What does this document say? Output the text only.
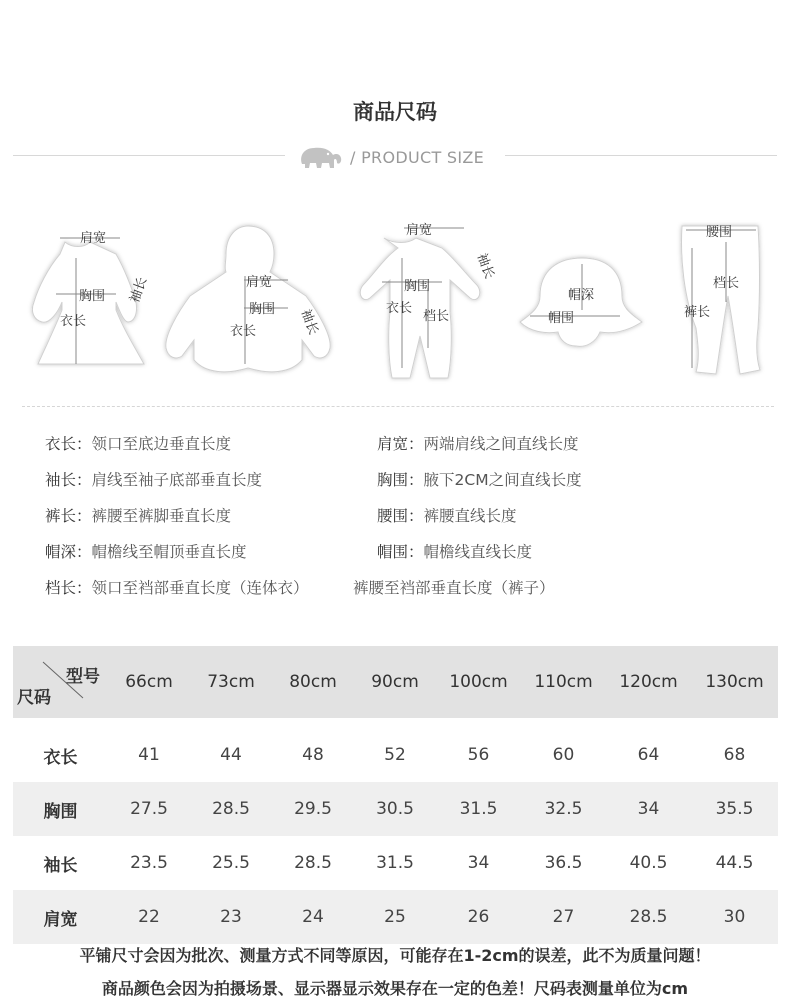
商品尺码
/ PRODUCT SIZE
肩宽
胸围
衣长
袖长	肩宽
胸围
衣长	袖长
肩宽
胸围
衣长
档长
袖长
帽深
帽围
腰围
档长
裤长
衣长：领口至底边垂直长度	肩宽：两端肩线之间直线长度
袖长：肩线至袖子底部垂直长度	胸围：腋下2CM之间直线长度
裤长：裤腰至裤脚垂直长度	腰围：裤腰直线长度
帽深：帽檐线至帽顶垂直长度	帽围：帽檐线直线长度
档长：领口至裆部垂直长度（连体衣）	裤腰至裆部垂直长度（裤子）
型号
尺码	66cm	73cm	80cm	90cm	100cm	110cm	120cm	130cm

衣长	41	44	48	52	56	60	64	68
胸围	27.5	28.5	29.5	30.5	31.5	32.5	34	35.5
袖长	23.5	25.5	28.5	31.5	34	36.5	40.5	44.5
肩宽	22	23	24	25	26	27	28.5	30
平铺尺寸会因为批次、测量方式不同等原因，可能存在1-2cm的误差，此不为质量问题！
商品颜色会因为拍摄场景、显示器显示效果存在一定的色差！尺码表测量单位为cm
